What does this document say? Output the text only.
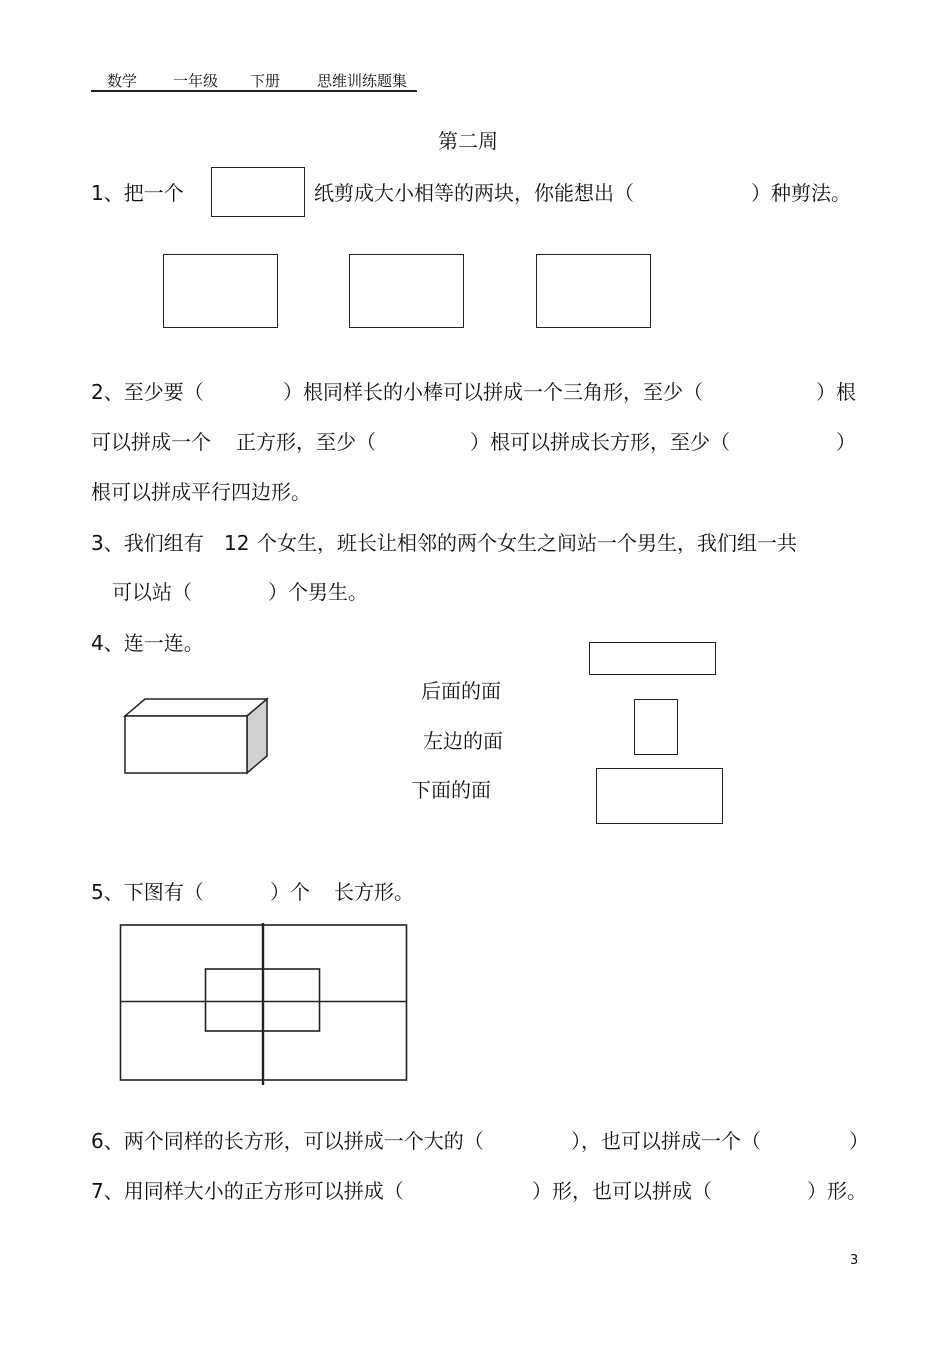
数学 一年级 下册 思维训练题集
第二周
1、把一个	纸剪成大小相等的两块，你能想出（	）种剪法。
2、至少要（	）根同样长的小棒可以拼成一个三角形，至少（	）根
可以拼成一个 正方形，至少（	）根可以拼成长方形，至少（	）
根可以拼成平行四边形。
3、我们组有 12 个女生，班长让相邻的两个女生之间站一个男生，我们组一共
可以站（	）个男生。
4、连一连。
后面的面
左边的面
下面的面
5、下图有（	）个 长方形。
6、两个同样的长方形，可以拼成一个大的（	），也可以拼成一个（	）
7、用同样大小的正方形可以拼成（	）形，也可以拼成（	）形。
3
